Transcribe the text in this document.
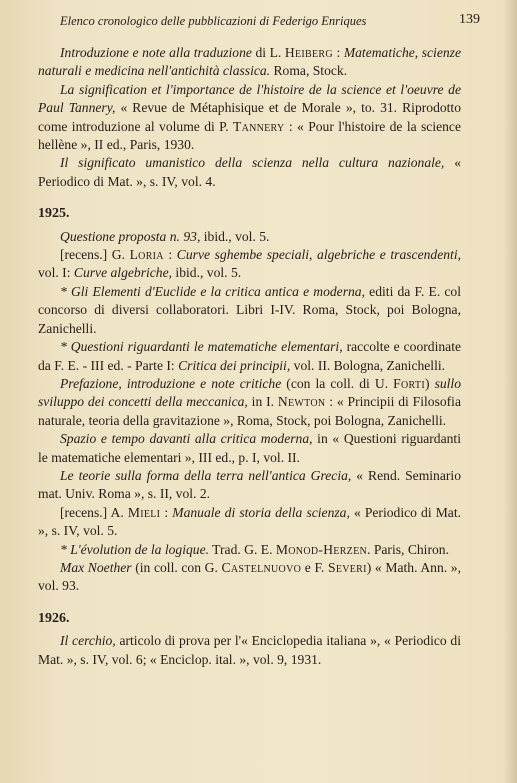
Elenco cronologico delle pubblicazioni di Federigo Enriques	139

Introduzione e note alla traduzione di L. Heiberg : Matematiche, scienze naturali e medicina nell'antichità classica. Roma, Stock.

La signification et l'importance de l'histoire de la science et l'oeuvre de Paul Tannery, « Revue de Métaphisique et de Morale », to. 31. Riprodotto come introduzione al volume di P. Tannery : « Pour l'histoire de la science hellène », II ed., Paris, 1930.

Il significato umanistico della scienza nella cultura nazionale, « Periodico di Mat. », s. IV, vol. 4.

1925.

Questione proposta n. 93, ibid., vol. 5.

[recens.] G. Loria : Curve sghembe speciali, algebriche e trascendenti, vol. I: Curve algebriche, ibid., vol. 5.

* Gli Elementi d'Euclide e la critica antica e moderna, editi da F. E. col concorso di diversi collaboratori. Libri I-IV. Roma, Stock, poi Bologna, Zanichelli.

* Questioni riguardanti le matematiche elementari, raccolte e coordinate da F. E. - III ed. - Parte I: Critica dei principii, vol. II. Bologna, Zanichelli.

Prefazione, introduzione e note critiche (con la coll. di U. Forti) sullo sviluppo dei concetti della meccanica, in I. Newton : « Principii di Filosofia naturale, teoria della gravitazione », Roma, Stock, poi Bologna, Zanichelli.

Spazio e tempo davanti alla critica moderna, in « Questioni riguardanti le matematiche elementari », III ed., p. I, vol. II.

Le teorie sulla forma della terra nell'antica Grecia, « Rend. Seminario mat. Univ. Roma », s. II, vol. 2.

[recens.] A. Mieli : Manuale di storia della scienza, « Periodico di Mat. », s. IV, vol. 5.

* L'évolution de la logique. Trad. G. E. Monod-Herzen. Paris, Chiron.

Max Noether (in coll. con G. Castelnuovo e F. Severi) « Math. Ann. », vol. 93.

1926.

Il cerchio, articolo di prova per l'« Enciclopedia italiana », « Periodico di Mat. », s. IV, vol. 6; « Enciclop. ital. », vol. 9, 1931.
